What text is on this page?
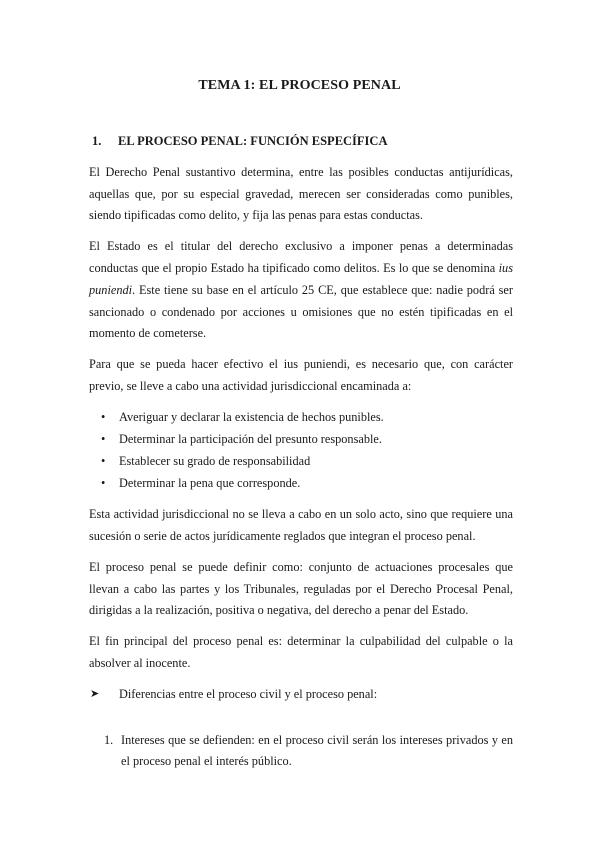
TEMA 1: EL PROCESO PENAL
1. EL PROCESO PENAL: FUNCIÓN ESPECÍFICA

El Derecho Penal sustantivo determina, entre las posibles conductas antijurídicas, aquellas que, por su especial gravedad, merecen ser consideradas como punibles, siendo tipificadas como delito, y fija las penas para estas conductas.

El Estado es el titular del derecho exclusivo a imponer penas a determinadas conductas que el propio Estado ha tipificado como delitos. Es lo que se denomina ius puniendi. Este tiene su base en el artículo 25 CE, que establece que: nadie podrá ser sancionado o condenado por acciones u omisiones que no estén tipificadas en el momento de cometerse.

Para que se pueda hacer efectivo el ius puniendi, es necesario que, con carácter previo, se lleve a cabo una actividad jurisdiccional encaminada a:

• Averiguar y declarar la existencia de hechos punibles.
• Determinar la participación del presunto responsable.
• Establecer su grado de responsabilidad
• Determinar la pena que corresponde.

Esta actividad jurisdiccional no se lleva a cabo en un solo acto, sino que requiere una sucesión o serie de actos jurídicamente reglados que integran el proceso penal.

El proceso penal se puede definir como: conjunto de actuaciones procesales que llevan a cabo las partes y los Tribunales, reguladas por el Derecho Procesal Penal, dirigidas a la realización, positiva o negativa, del derecho a penar del Estado.

El fin principal del proceso penal es: determinar la culpabilidad del culpable o la absolver al inocente.

➤ Diferencias entre el proceso civil y el proceso penal:
1. Intereses que se defienden: en el proceso civil serán los intereses privados y en el proceso penal el interés público.
